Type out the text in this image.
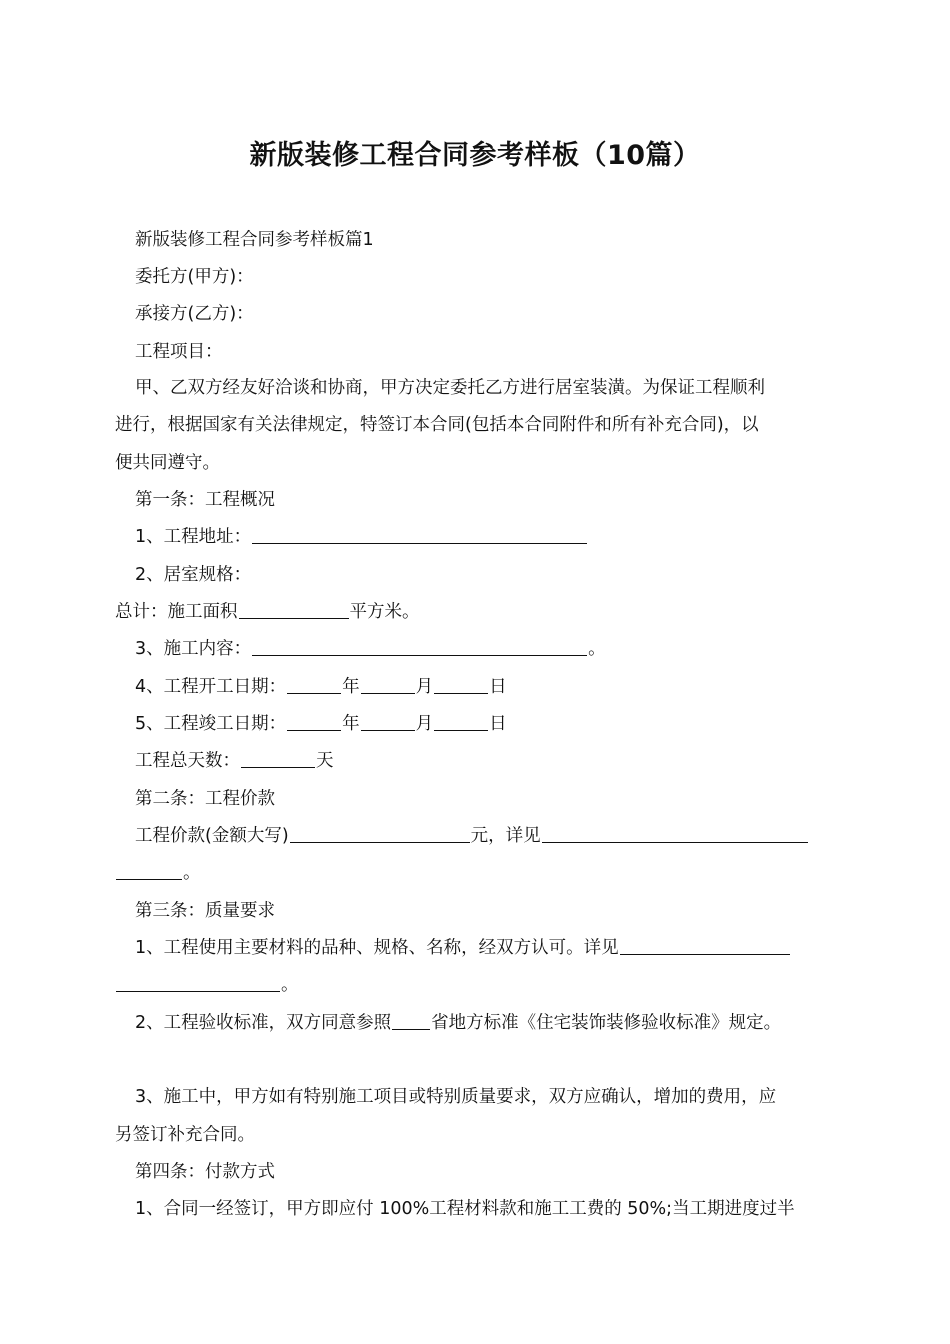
新版装修工程合同参考样板（10篇）
新版装修工程合同参考样板篇1
委托方(甲方)：
承接方(乙方)：
工程项目：
甲、乙双方经友好洽谈和协商，甲方决定委托乙方进行居室装潢。为保证工程顺利
进行，根据国家有关法律规定，特签订本合同(包括本合同附件和所有补充合同)，以
便共同遵守。
第一条：工程概况
1、工程地址：
2、居室规格：
总计：施工面积	平方米。
3、施工内容：	。
4、工程开工日期：	年	月	日
5、工程竣工日期：	年	月	日
工程总天数：	天
第二条：工程价款
工程价款(金额大写)	元，详见
。
第三条：质量要求
1、工程使用主要材料的品种、规格、名称，经双方认可。详见
。
2、工程验收标准，双方同意参照 省地方标准《住宅装饰装修验收标准》规定。
3、施工中，甲方如有特别施工项目或特别质量要求，双方应确认，增加的费用，应
另签订补充合同。
第四条：付款方式
1、合同一经签订，甲方即应付 100%工程材料款和施工工费的 50%;当工期进度过半
